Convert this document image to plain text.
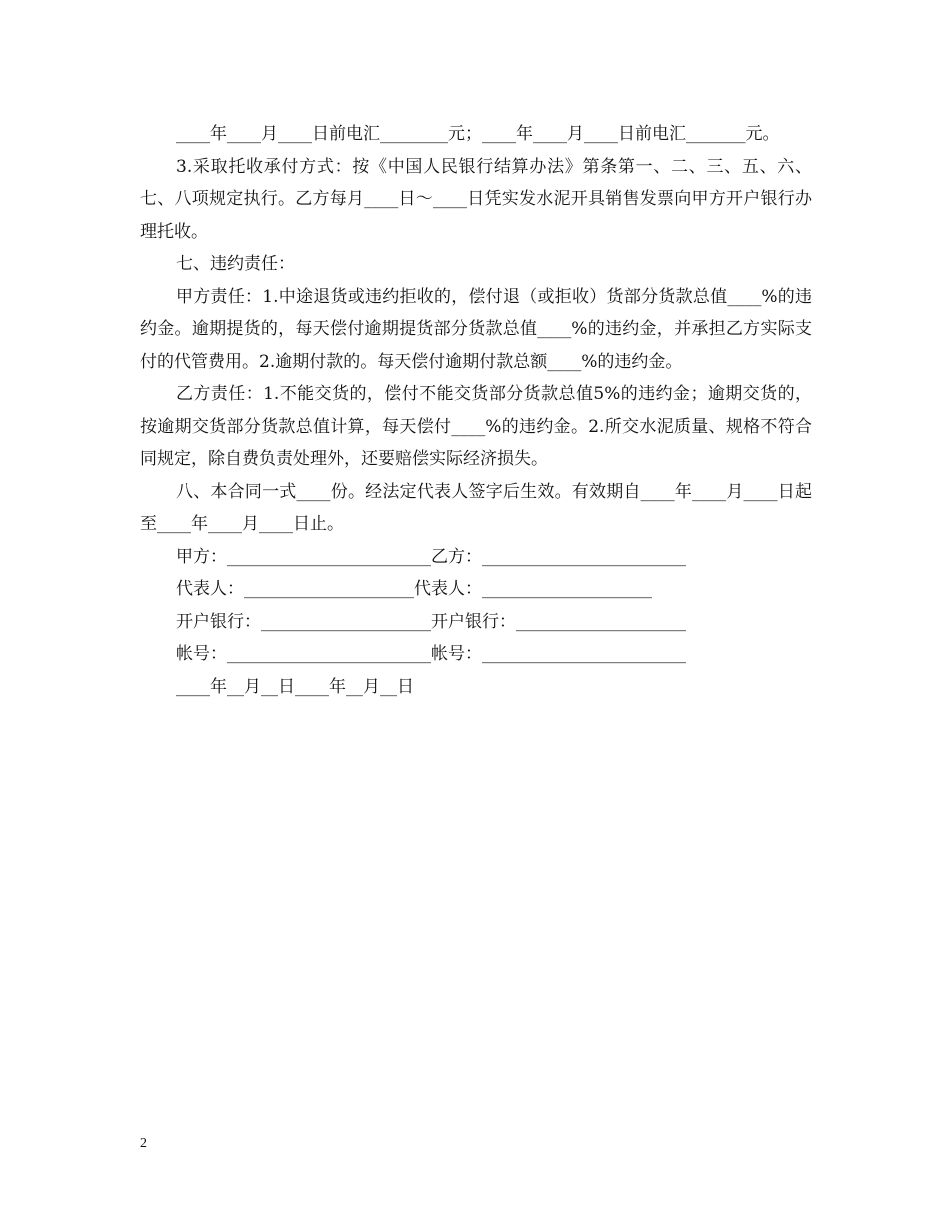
____年____月____日前电汇________元；____年____月____日前电汇_______元。

3.采取托收承付方式：按《中国人民银行结算办法》第条第一、二、三、五、六、七、八项规定执行。乙方每月____日～____日凭实发水泥开具销售发票向甲方开户银行办理托收。

七、违约责任：

甲方责任：1.中途退货或违约拒收的，偿付退（或拒收）货部分货款总值____%的违约金。逾期提货的，每天偿付逾期提货部分货款总值____%的违约金，并承担乙方实际支付的代管费用。2.逾期付款的。每天偿付逾期付款总额____%的违约金。

乙方责任：1.不能交货的，偿付不能交货部分货款总值5%的违约金；逾期交货的，按逾期交货部分货款总值计算，每天偿付____%的违约金。2.所交水泥质量、规格不符合同规定，除自费负责处理外，还要赔偿实际经济损失。

八、本合同一式____份。经法定代表人签字后生效。有效期自____年____月____日起至____年____月____日止。

甲方：________________________乙方：________________________

代表人：____________________代表人：____________________

开户银行：____________________开户银行：____________________

帐号：________________________帐号：________________________

____年__月__日____年__月__日

2
